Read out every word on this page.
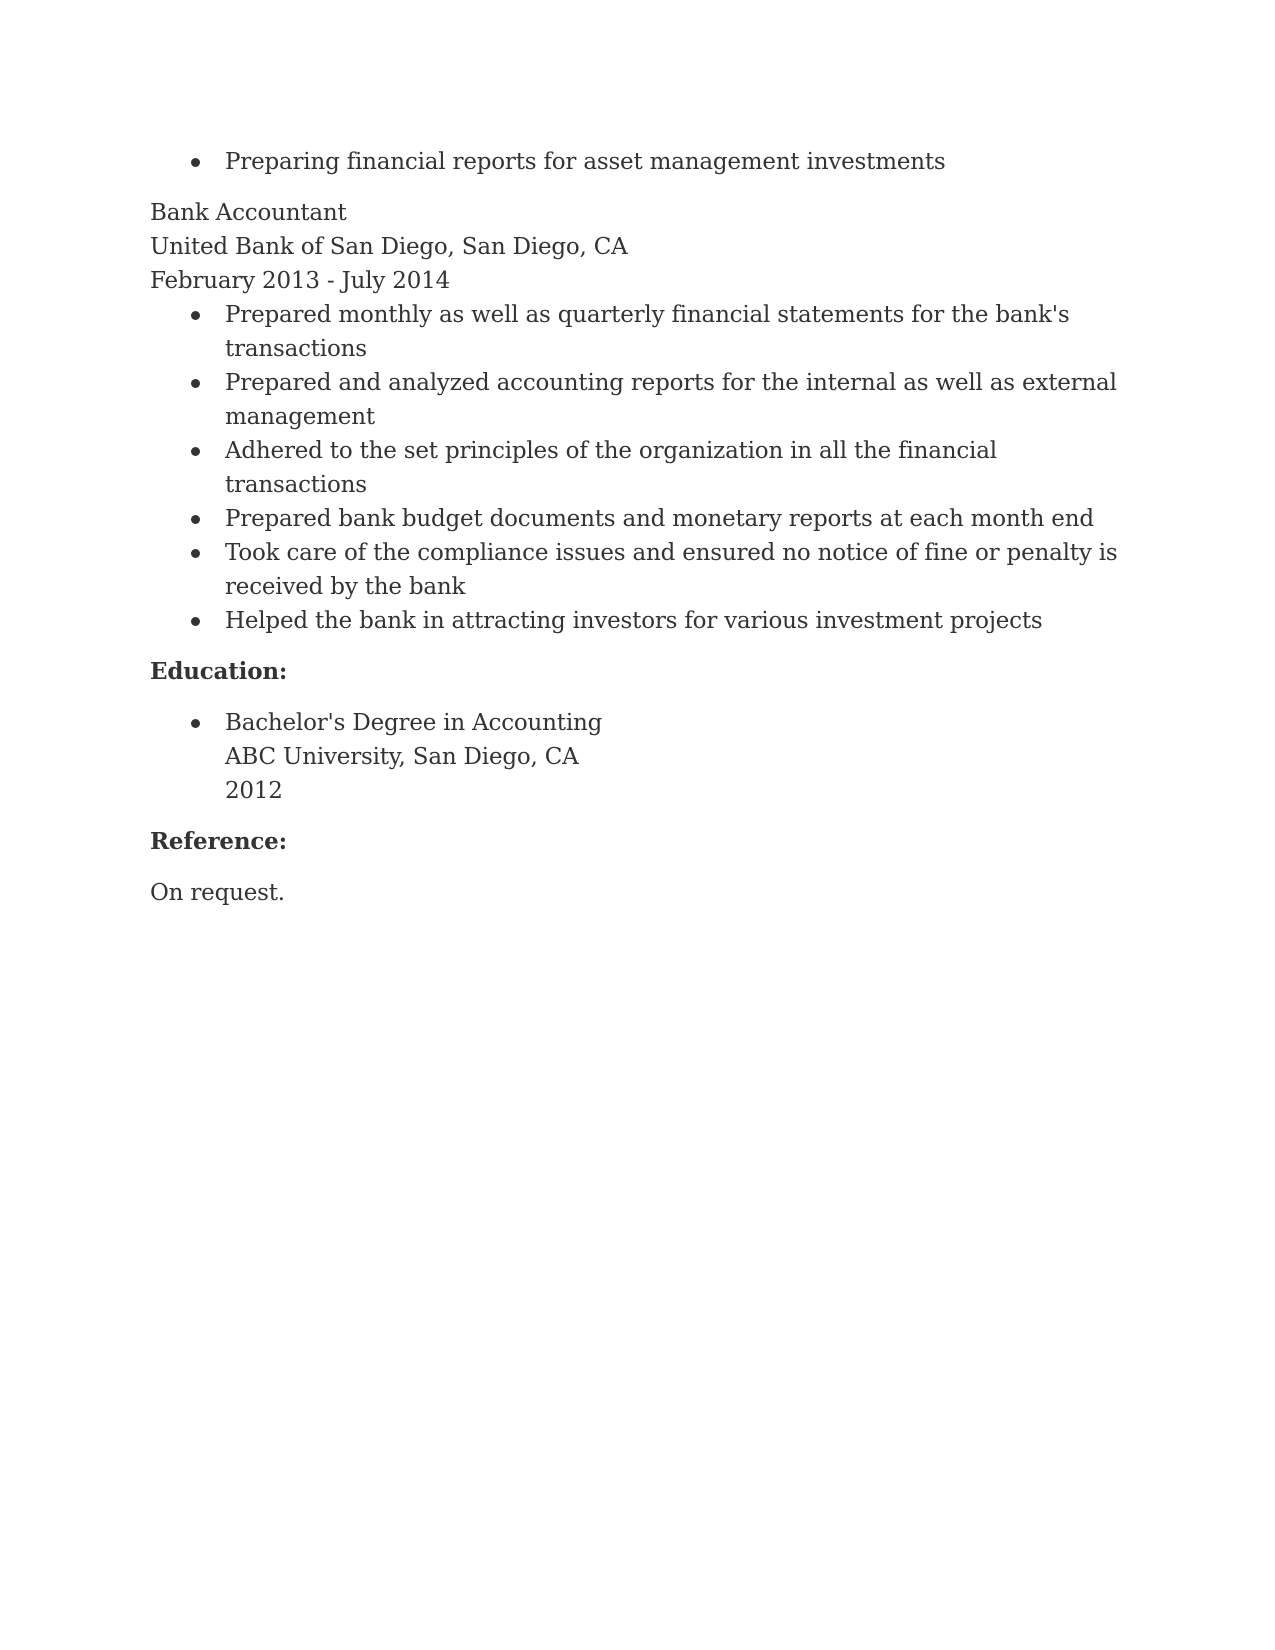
Preparing financial reports for asset management investments
Bank Accountant
United Bank of San Diego, San Diego, CA
February 2013 - July 2014
Prepared monthly as well as quarterly financial statements for the bank's transactions
Prepared and analyzed accounting reports for the internal as well as external management
Adhered to the set principles of the organization in all the financial transactions
Prepared bank budget documents and monetary reports at each month end
Took care of the compliance issues and ensured no notice of fine or penalty is received by the bank
Helped the bank in attracting investors for various investment projects
Education:
Bachelor's Degree in Accounting
ABC University, San Diego, CA
2012
Reference:
On request.
